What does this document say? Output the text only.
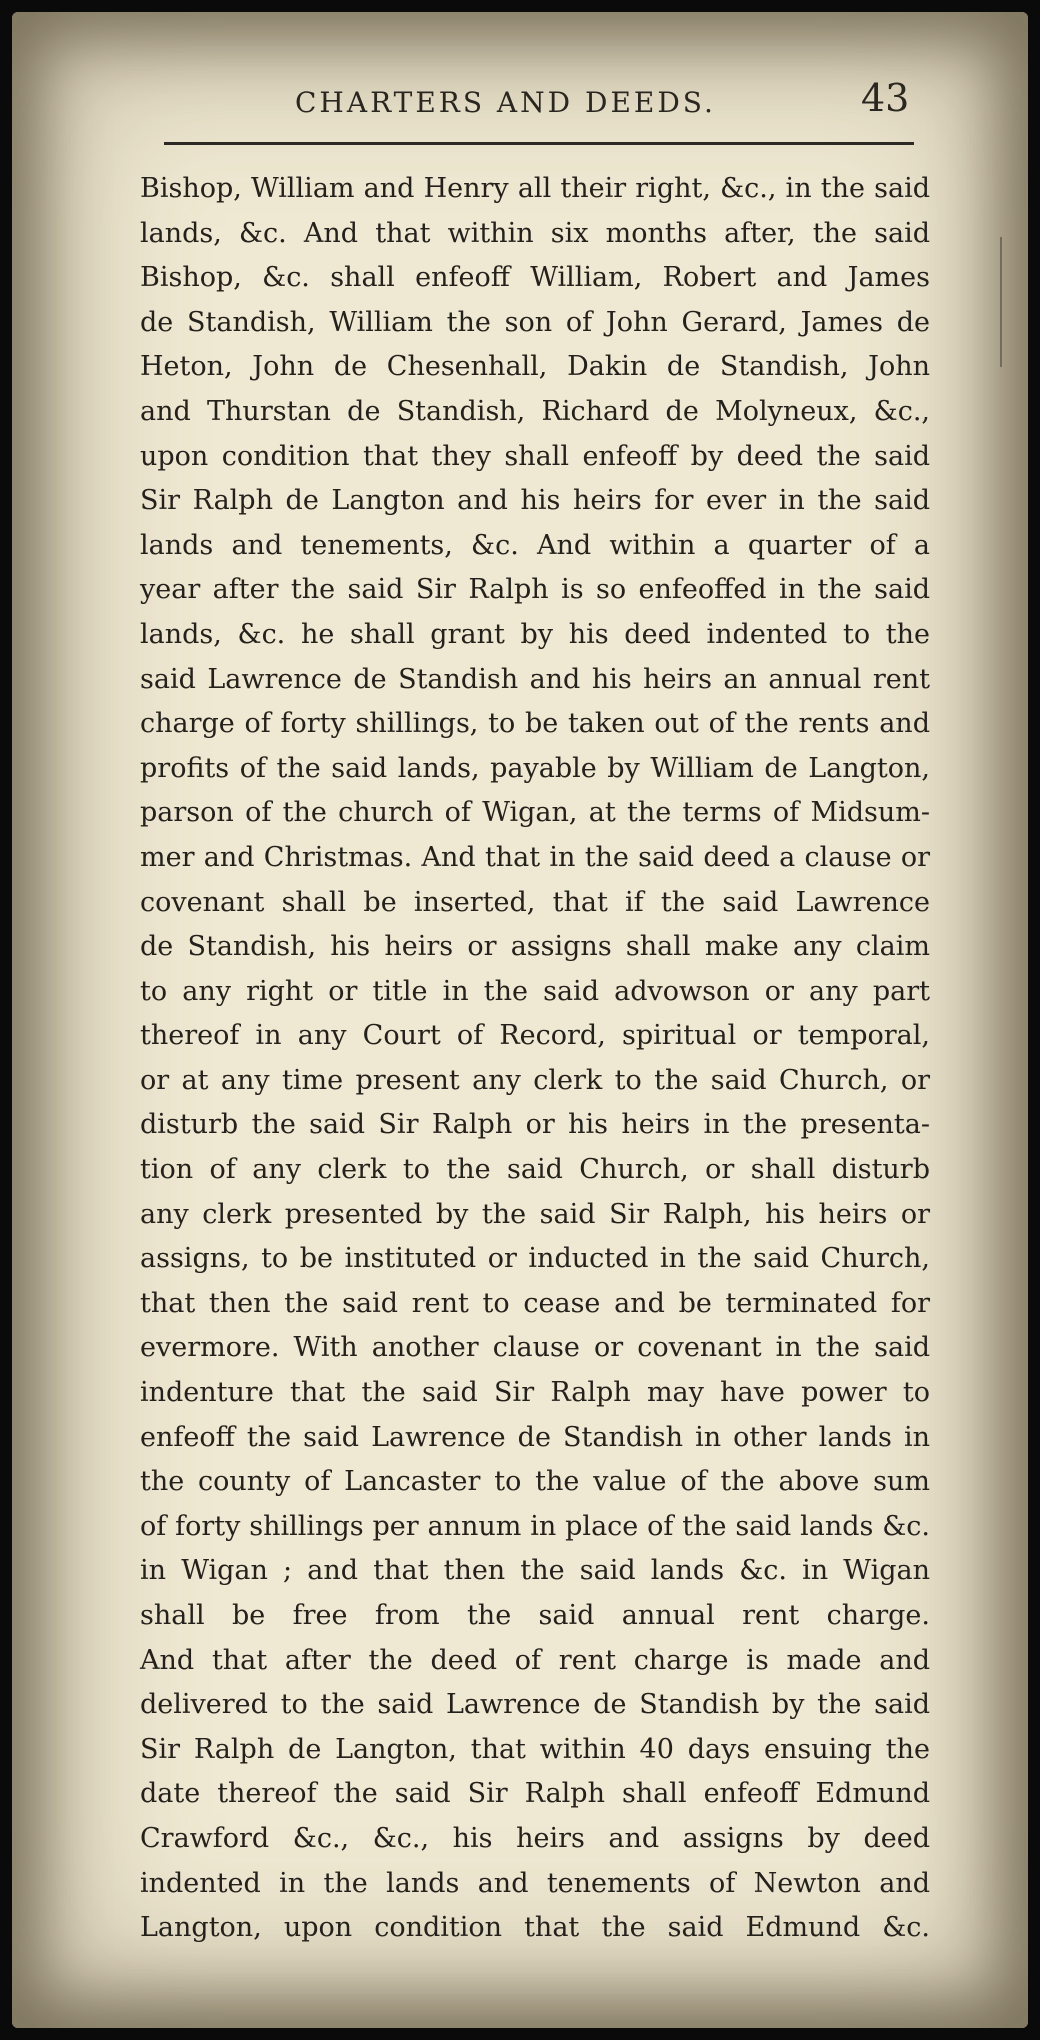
CHARTERS AND DEEDS.	43
Bishop, William and Henry all their right, &c., in the said
lands, &c. And that within six months after, the said
Bishop, &c. shall enfeoff William, Robert and James
de Standish, William the son of John Gerard, James de
Heton, John de Chesenhall, Dakin de Standish, John
and Thurstan de Standish, Richard de Molyneux, &c.,
upon condition that they shall enfeoff by deed the said
Sir Ralph de Langton and his heirs for ever in the said
lands and tenements, &c. And within a quarter of a
year after the said Sir Ralph is so enfeoffed in the said
lands, &c. he shall grant by his deed indented to the
said Lawrence de Standish and his heirs an annual rent
charge of forty shillings, to be taken out of the rents and
profits of the said lands, payable by William de Langton,
parson of the church of Wigan, at the terms of Midsum-
mer and Christmas. And that in the said deed a clause or
covenant shall be inserted, that if the said Lawrence
de Standish, his heirs or assigns shall make any claim
to any right or title in the said advowson or any part
thereof in any Court of Record, spiritual or temporal,
or at any time present any clerk to the said Church, or
disturb the said Sir Ralph or his heirs in the presenta-
tion of any clerk to the said Church, or shall disturb
any clerk presented by the said Sir Ralph, his heirs or
assigns, to be instituted or inducted in the said Church,
that then the said rent to cease and be terminated for
evermore. With another clause or covenant in the said
indenture that the said Sir Ralph may have power to
enfeoff the said Lawrence de Standish in other lands in
the county of Lancaster to the value of the above sum
of forty shillings per annum in place of the said lands &c.
in Wigan ; and that then the said lands &c. in Wigan
shall be free from the said annual rent charge.
And that after the deed of rent charge is made and
delivered to the said Lawrence de Standish by the said
Sir Ralph de Langton, that within 40 days ensuing the
date thereof the said Sir Ralph shall enfeoff Edmund
Crawford &c., &c., his heirs and assigns by deed
indented in the lands and tenements of Newton and
Langton, upon condition that the said Edmund &c.
